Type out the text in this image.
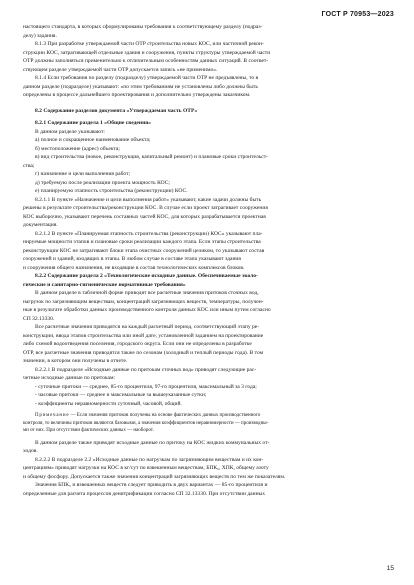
ГОСТ Р 70953—2023

настоящего стандарта, в которых сформулированы требования к соответствующему разделу (подраз-

делу) задания.

8.1.3 При разработке утверждаемой части ОТР строительства новых КОС, или частичной рекон-

струкции КОС, затрагивающей отдельные здания и сооружения, пункты структуры утверждаемой части

ОТР должны заполняться применительно к отличительным особенностям данных ситуаций. В соответ-

ствующем разделе утверждаемой части ОТР допускается запись «не применимо».

8.1.4 Если требования по разделу (подразделу) утверждаемой части ОТР не предъявлены, то в

данном разделе (подразделе) указывают: «по этим требованиям не установлены либо должны быть

определены в процессе дальнейшего проектирования и дополнительно утверждены заказчиком.

8.2 Содержание разделов документа «Утверждаемая часть ОТР»

8.2.1 Содержание раздела 1 «Общие сведения»

В данном разделе указывают:

а) полное и сокращенное наименование объекта;

б) местоположение (адрес) объекта;

в) вид строительства (новое, реконструкция, капитальный ремонт) и плановые сроки строительст-

ства;

г) назначение и цели выполнения работ;

д) требуемую после реализации проекта мощность КОС;

е) планируемую этапность строительства (реконструкции) КОС.

8.2.1.1 В пункте «Назначение и цели выполнения работ» указывают, какие задачи должны быть

решены в результате строительства/реконструкции КОС. В случае если проект затрагивает сооружения

КОС выборочно, указывают перечень составных частей КОС, для которых разрабатывается проектная

документация.

8.2.1.2 В пункте «Планируемая этапность строительства (реконструкции) КОС» указывают пла-

нируемые мощности этапов и плановые сроки реализации каждого этапа. Если этапы строительства

реконструкции КОС не затрагивают блоки этапа очистных сооружений целиком, то указывают состав

сооружений и зданий, входящих в этапы. В любом случае в составе этапа указывают здания

и сооружения общего назначения, не входящие в состав технологических комплексов блоков.

8.2.2 Содержание раздела 2 «Технологические исходные данные. Обеспечиваемые эколо-

гические и санитарно-гигиенические нормативные требования»

В данном разделе в табличной форме приводят все расчетные значения притоков сточных вод,

нагрузок по загрязняющим веществам, концентраций загрязняющих веществ, температуры, получен-

ные в результате обработки данных производственного контроля данных КОС или иным путем согласно

СП 32.13330.

Все расчетные значения приводятся на каждый расчетный период, соответствующий этапу ре-

конструкции, ввода этапов строительства или иной дате, установленной заданием на проектирование

либо схемой водоотведения поселения, городского округа. Если они не определены в разработке

ОТР, все расчетные значения приводятся также по сезонам (холодный и теплый периоды года). В том

значении, в котором они получены в отчете.

8.2.2.1 В подразделе «Исходные данные по притокам сточных вод» приводят следующие рас-

четные исходные данные по притокам:

- суточные притоки — среднее, 85-го процентиля, 97-го процентиля, максимальный за 3 года;

- часовые притоки — среднее и максимальные за вышеуказанные сутки;

- коэффициенты неравномерности суточный, часовой, общий.

Примечание — Если значения притоков получены на основе фактических данных производственного

контроля, то величины притоков являются базовыми, а значения коэффициентов неравномерности — производны-

ми от них. При отсутствии фактических данных — наоборот.

В данном разделе также приводят исходные данные по притоку на КОС жидких коммунальных от-

ходов.

8.2.2.2 В подразделе 2.2 «Исходные данные по нагрузкам по загрязняющим веществам и их кон-

центрациям» приводят нагрузки на КОС в кг/сут по взвешенным веществам, БПК₅, ХПК, общему азоту

и общему фосфору. Допускается также значения концентраций загрязняющих веществ по тем же показателям.

Значения БПК₅ и взвешенных веществ следует приводить в двух вариантах — 85-го процентиля и

определенные для расчета процессов денитрификации согласно СП 32.13330. При отсутствии данных

15
